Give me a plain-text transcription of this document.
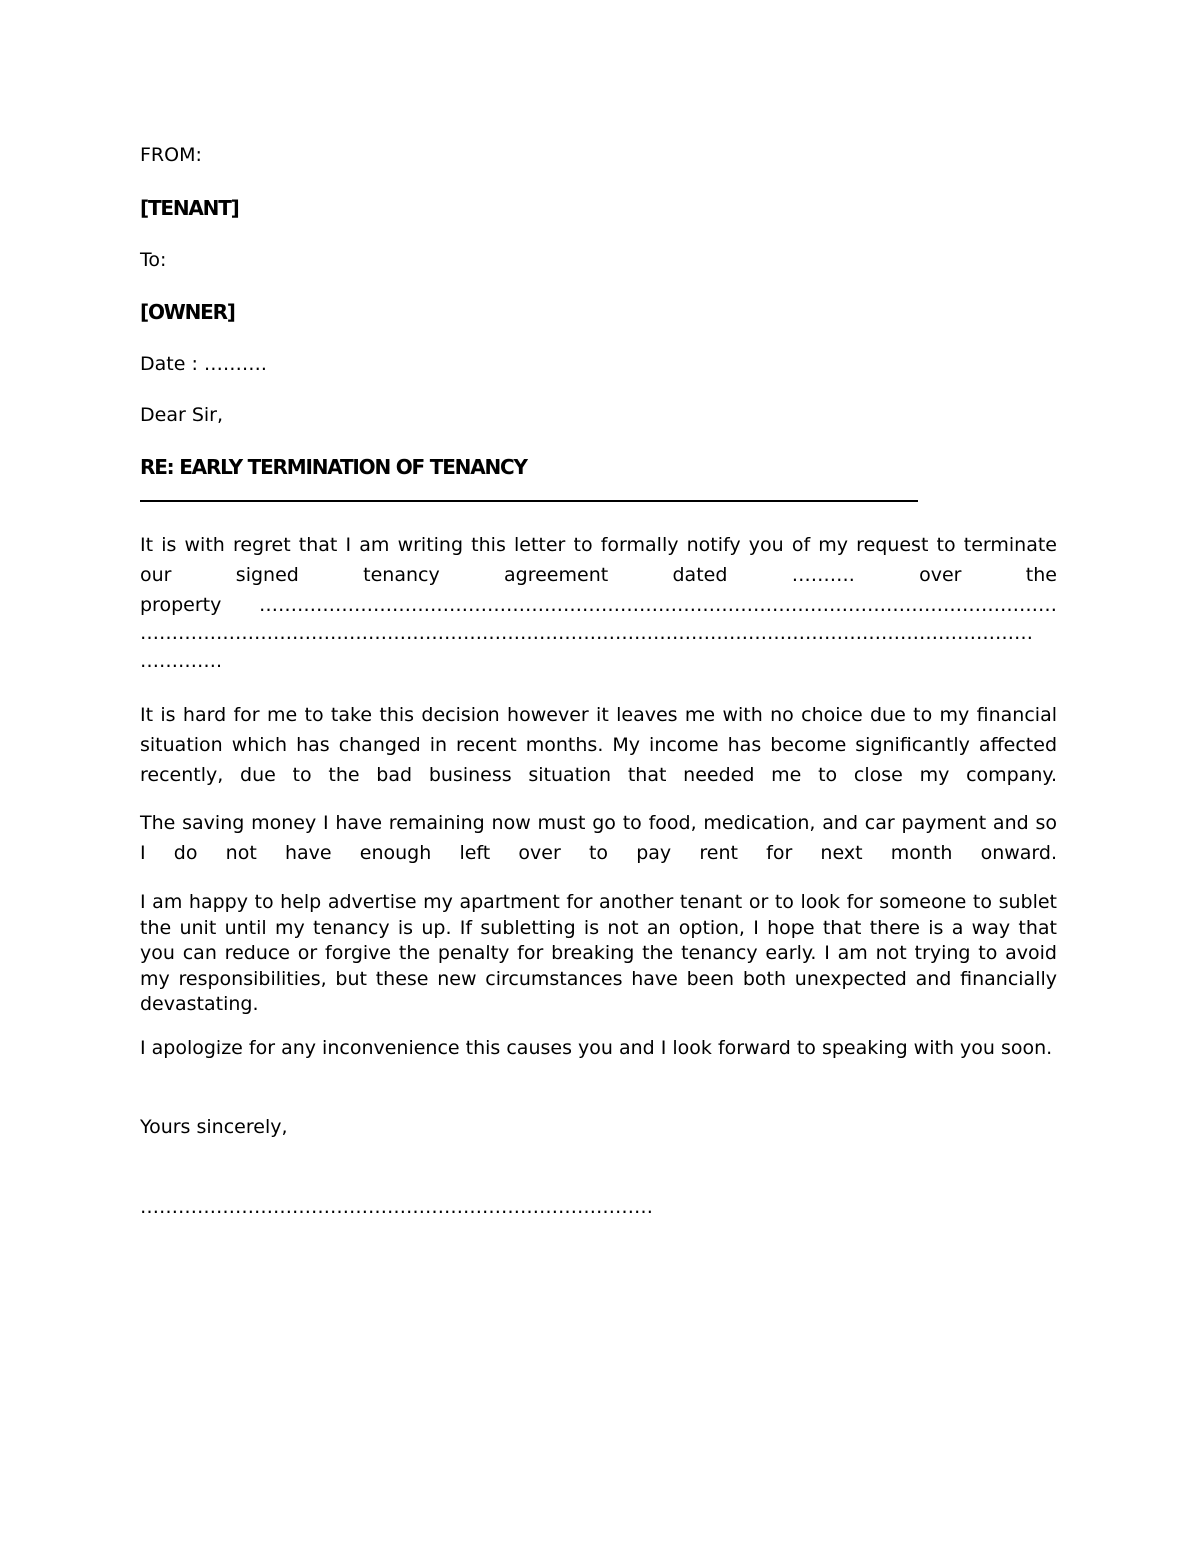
FROM:
[TENANT]
To:
[OWNER]
Date : ……….
Dear Sir,
RE: EARLY TERMINATION OF TENANCY
It is with regret that I am writing this letter to formally notify you of my request to terminate
our	signed	tenancy	agreement	dated	……….	over	the
property ………………………………………………………………………………………………………………
……………………………………………………………………………………………………………………………
………….
It is hard for me to take this decision however it leaves me with no choice due to my financial
situation which has changed in recent months. My income has become significantly affected
recently, due to the bad business situation that needed me to close my company.
The saving money I have remaining now must go to food, medication, and car payment and so
I do not have enough left over to pay rent for next month onward.
I am happy to help advertise my apartment for another tenant or to look for someone to sublet
the unit until my tenancy is up. If subletting is not an option, I hope that there is a way that
you can reduce or forgive the penalty for breaking the tenancy early. I am not trying to avoid
my responsibilities, but these new circumstances have been both unexpected and financially
devastating.
I apologize for any inconvenience this causes you and I look forward to speaking with you soon.
Yours sincerely,
………………………………………………………………………
